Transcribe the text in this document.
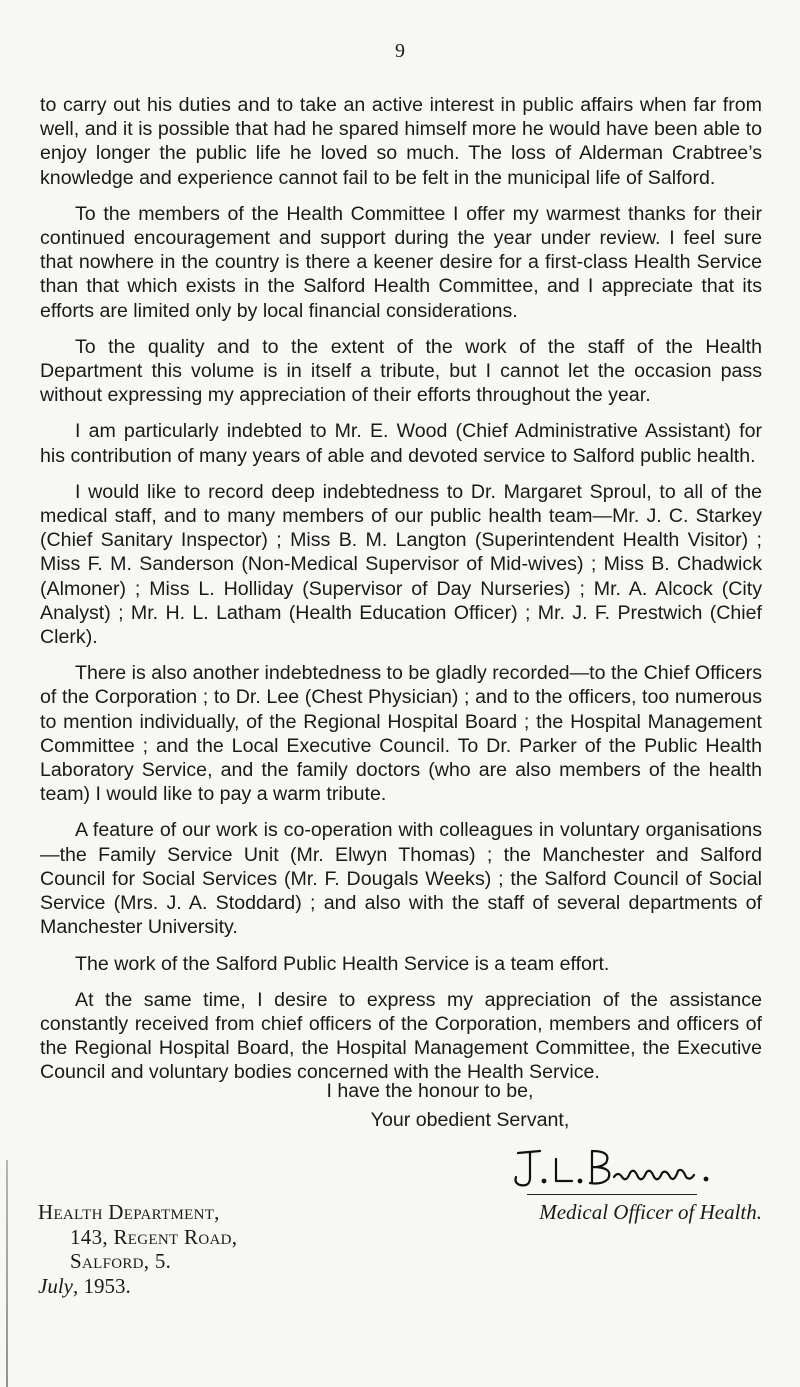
9

to carry out his duties and to take an active interest in public affairs when far from well, and it is possible that had he spared himself more he would have been able to enjoy longer the public life he loved so much. The loss of Alderman Crabtree’s knowledge and experience cannot fail to be felt in the municipal life of Salford.

To the members of the Health Committee I offer my warmest thanks for their continued encouragement and support during the year under review. I feel sure that nowhere in the country is there a keener desire for a first-class Health Service than that which exists in the Salford Health Committee, and I appreciate that its efforts are limited only by local financial considerations.

To the quality and to the extent of the work of the staff of the Health Department this volume is in itself a tribute, but I cannot let the occasion pass without expressing my appreciation of their efforts throughout the year.

I am particularly indebted to Mr. E. Wood (Chief Administrative Assistant) for his contribution of many years of able and devoted service to Salford public health.

I would like to record deep indebtedness to Dr. Margaret Sproul, to all of the medical staff, and to many members of our public health team—Mr. J. C. Starkey (Chief Sanitary Inspector) ; Miss B. M. Langton (Superintendent Health Visitor) ; Miss F. M. Sanderson (Non-Medical Supervisor of Mid-wives) ; Miss B. Chadwick (Almoner) ; Miss L. Holliday (Supervisor of Day Nurseries) ; Mr. A. Alcock (City Analyst) ; Mr. H. L. Latham (Health Education Officer) ; Mr. J. F. Prestwich (Chief Clerk).

There is also another indebtedness to be gladly recorded—to the Chief Officers of the Corporation ; to Dr. Lee (Chest Physician) ; and to the officers, too numerous to mention individually, of the Regional Hospital Board ; the Hospital Management Committee ; and the Local Executive Council. To Dr. Parker of the Public Health Laboratory Service, and the family doctors (who are also members of the health team) I would like to pay a warm tribute.

A feature of our work is co-operation with colleagues in voluntary organisations—the Family Service Unit (Mr. Elwyn Thomas) ; the Manchester and Salford Council for Social Services (Mr. F. Dougals Weeks) ; the Salford Council of Social Service (Mrs. J. A. Stoddard) ; and also with the staff of several departments of Manchester University.

The work of the Salford Public Health Service is a team effort.

At the same time, I desire to express my appreciation of the assistance constantly received from chief officers of the Corporation, members and officers of the Regional Hospital Board, the Hospital Management Committee, the Executive Council and voluntary bodies concerned with the Health Service.

I have the honour to be,
Your obedient Servant,
Health Department,
143, Regent Road,
Salford, 5.
July, 1953.
Medical Officer of Health.
